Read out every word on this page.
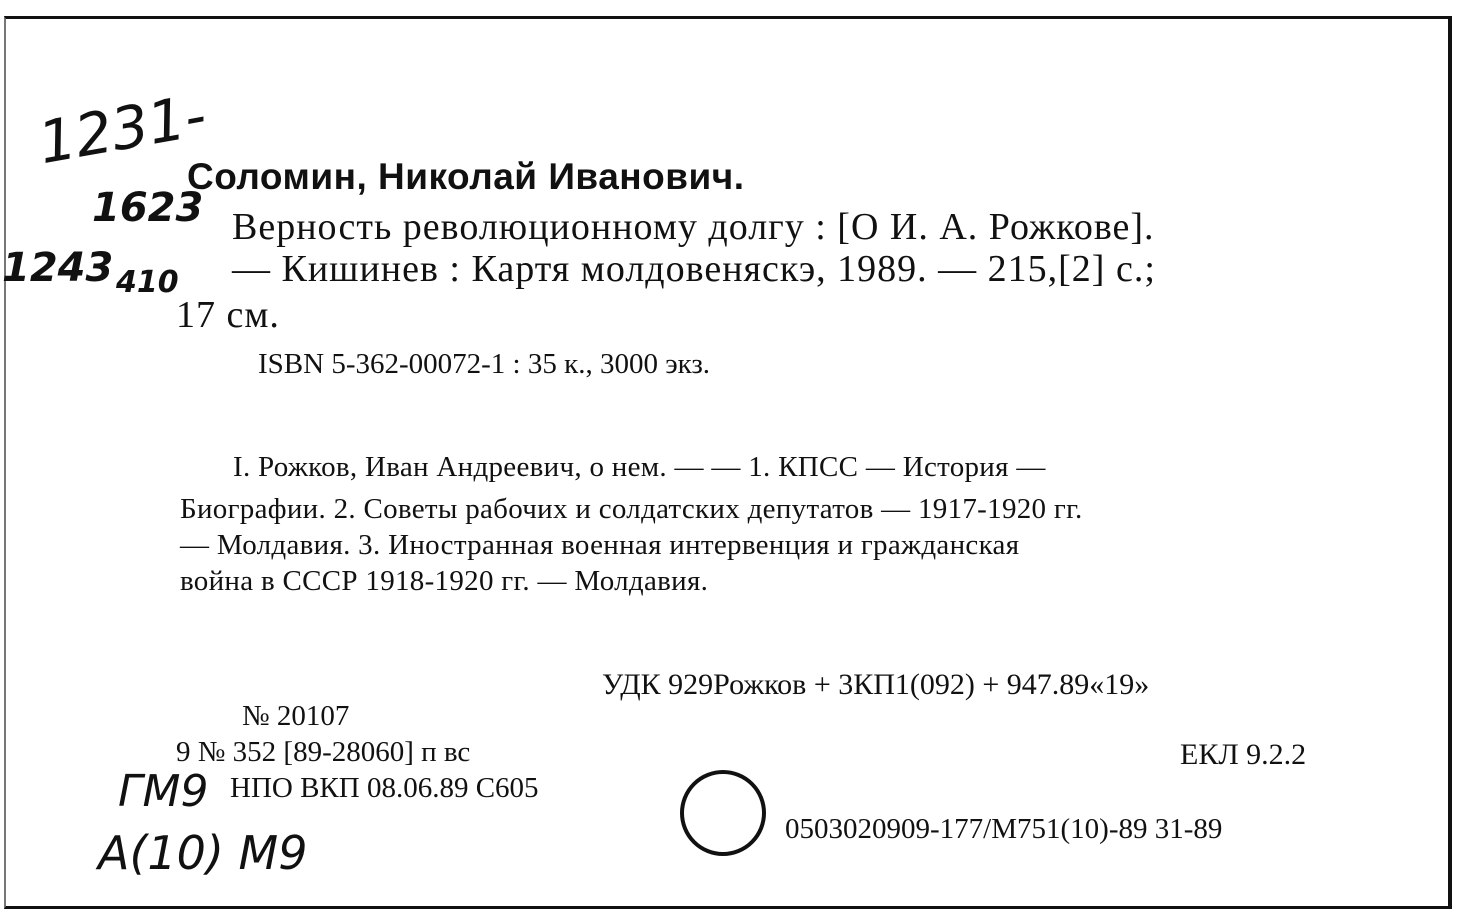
Соломин, Николай Иванович.
Верность революционному долгу : [О И. А. Рожкове].
— Кишинев : Картя молдовеняскэ, 1989. — 215,[2] с.;
17 см.
ISBN 5-362-00072-1 : 35 к., 3000 экз.
I. Рожков, Иван Андреевич, о нем. — — 1. КПСС — История —
Биографии. 2. Советы рабочих и солдатских депутатов — 1917-1920 гг.
— Молдавия. 3. Иностранная военная интервенция и гражданская
война в СССР 1918-1920 гг. — Молдавия.
УДК 929Рожков + 3КП1(092) + 947.89«19»
№ 20107
9 № 352 [89-28060] п вс
НПО ВКП 08.06.89 С605
ЕКЛ 9.2.2
0503020909-177/М751(10)-89 31-89
1231-
1623
1243 410
ГМ9
А(10) М9
